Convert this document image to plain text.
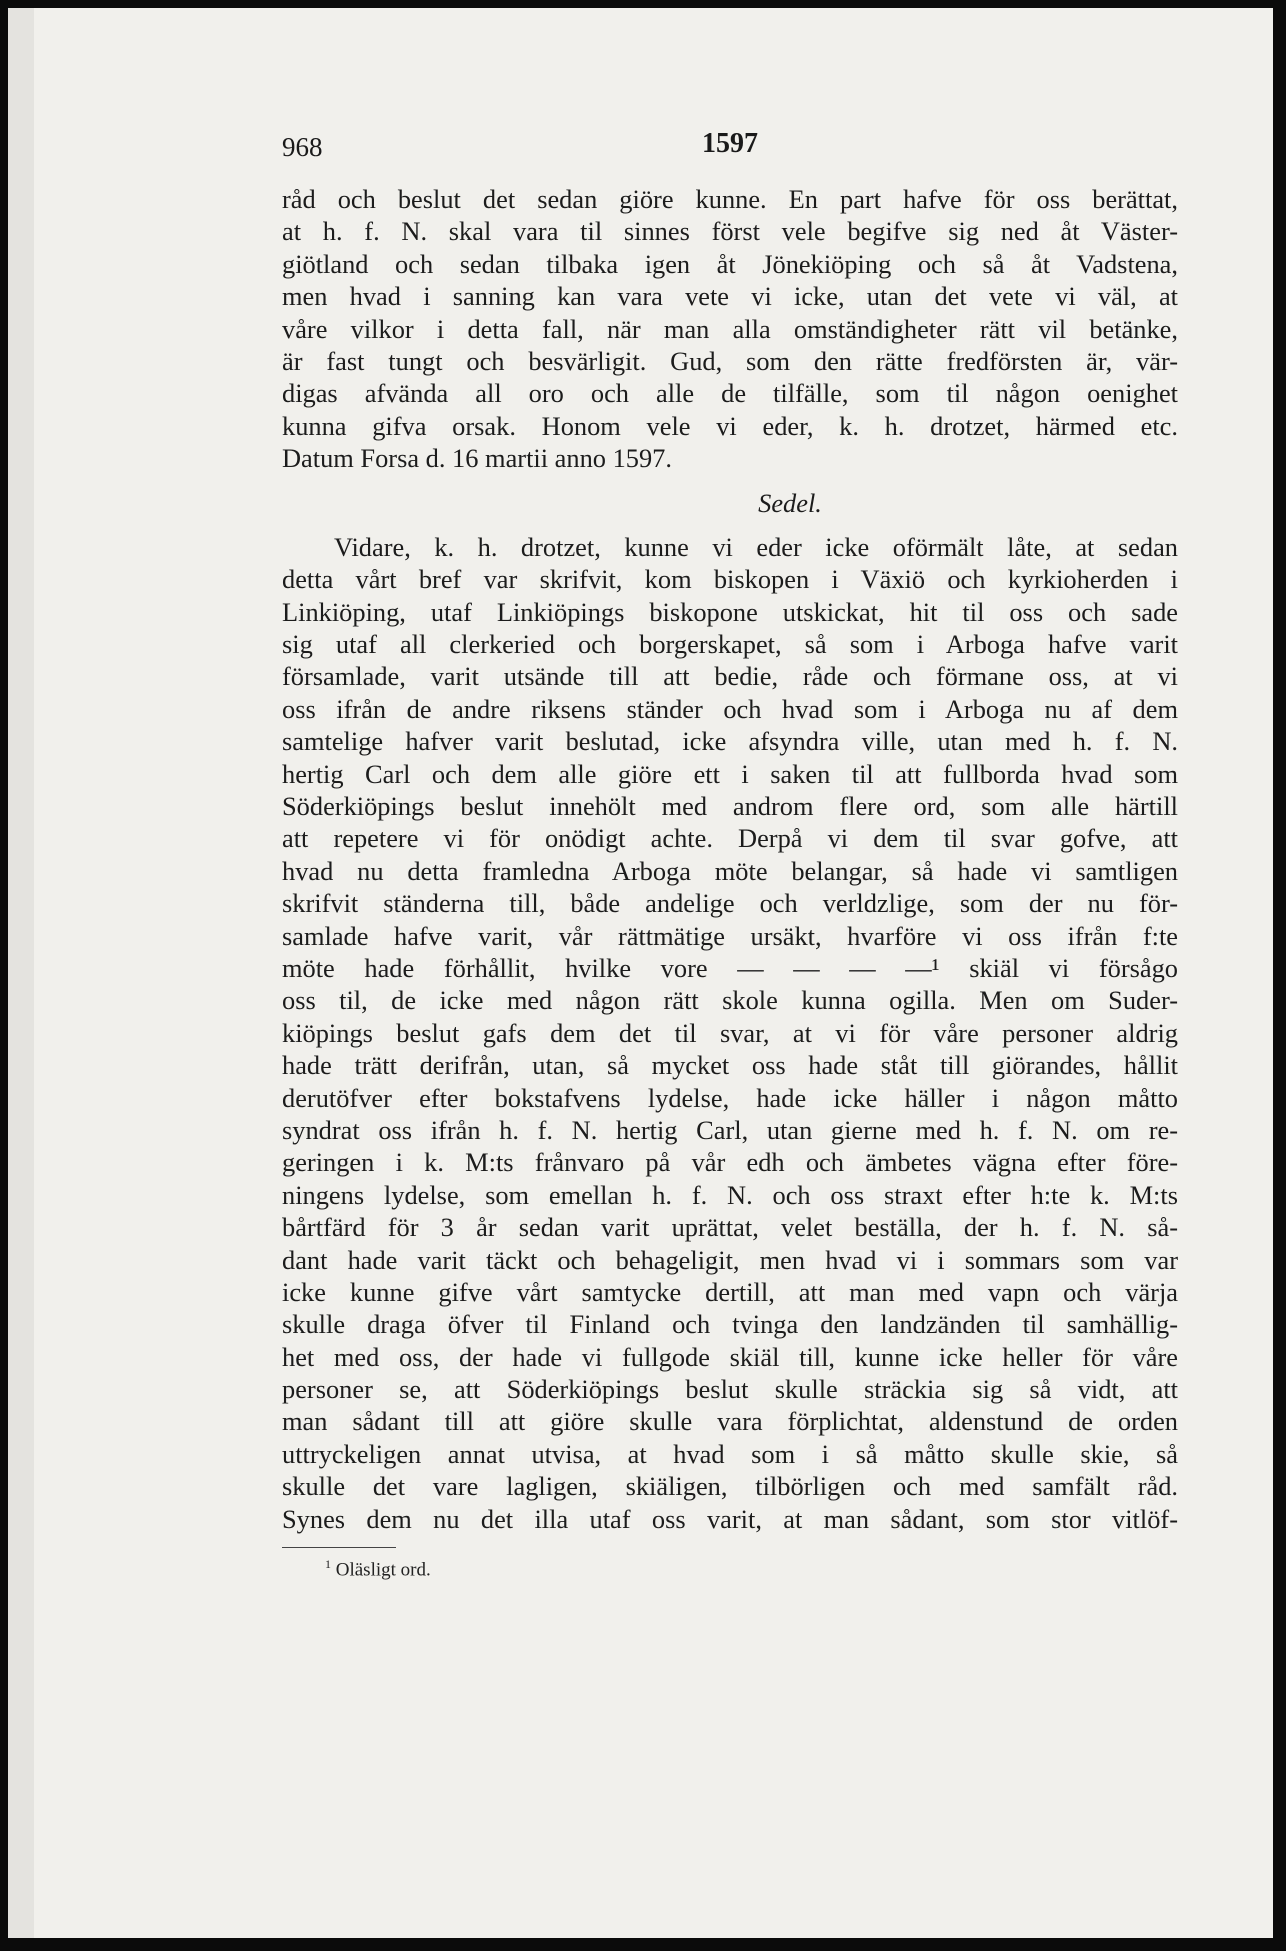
968	1597
råd och beslut det sedan giöre kunne. En part hafve för oss berättat,
at h. f. N. skal vara til sinnes först vele begifve sig ned åt Väster-
giötland och sedan tilbaka igen åt Jönekiöping och så åt Vadstena,
men hvad i sanning kan vara vete vi icke, utan det vete vi väl, at
våre vilkor i detta fall, när man alla omständigheter rätt vil betänke,
är fast tungt och besvärligit. Gud, som den rätte fredförsten är, vär-
digas afvända all oro och alle de tilfälle, som til någon oenighet
kunna gifva orsak. Honom vele vi eder, k. h. drotzet, härmed etc.
Datum Forsa d. 16 martii anno 1597.
Sedel.
Vidare, k. h. drotzet, kunne vi eder icke oförmält låte, at sedan
detta vårt bref var skrifvit, kom biskopen i Växiö och kyrkioherden i
Linkiöping, utaf Linkiöpings biskopone utskickat, hit til oss och sade
sig utaf all clerkeried och borgerskapet, så som i Arboga hafve varit
församlade, varit utsände till att bedie, råde och förmane oss, at vi
oss ifrån de andre riksens ständer och hvad som i Arboga nu af dem
samtelige hafver varit beslutad, icke afsyndra ville, utan med h. f. N.
hertig Carl och dem alle giöre ett i saken til att fullborda hvad som
Söderkiöpings beslut innehölt med androm flere ord, som alle härtill
att repetere vi för onödigt achte. Derpå vi dem til svar gofve, att
hvad nu detta framledna Arboga möte belangar, så hade vi samtligen
skrifvit ständerna till, både andelige och verldzlige, som der nu för-
samlade hafve varit, vår rättmätige ursäkt, hvarföre vi oss ifrån f:te
möte hade förhållit, hvilke vore — — — —¹ skiäl vi försågo
oss til, de icke med någon rätt skole kunna ogilla. Men om Suder-
kiöpings beslut gafs dem det til svar, at vi för våre personer aldrig
hade trätt derifrån, utan, så mycket oss hade ståt till giörandes, hållit
derutöfver efter bokstafvens lydelse, hade icke häller i någon måtto
syndrat oss ifrån h. f. N. hertig Carl, utan gierne med h. f. N. om re-
geringen i k. M:ts frånvaro på vår edh och ämbetes vägna efter före-
ningens lydelse, som emellan h. f. N. och oss straxt efter h:te k. M:ts
bårtfärd för 3 år sedan varit uprättat, velet beställa, der h. f. N. så-
dant hade varit täckt och behageligit, men hvad vi i sommars som var
icke kunne gifve vårt samtycke dertill, att man med vapn och värja
skulle draga öfver til Finland och tvinga den landzänden til samhällig-
het med oss, der hade vi fullgode skiäl till, kunne icke heller för våre
personer se, att Söderkiöpings beslut skulle sträckia sig så vidt, att
man sådant till att giöre skulle vara förplichtat, aldenstund de orden
uttryckeligen annat utvisa, at hvad som i så måtto skulle skie, så
skulle det vare lagligen, skiäligen, tilbörligen och med samfält råd.
Synes dem nu det illa utaf oss varit, at man sådant, som stor vitlöf-
$^1$ Oläsligt ord.
